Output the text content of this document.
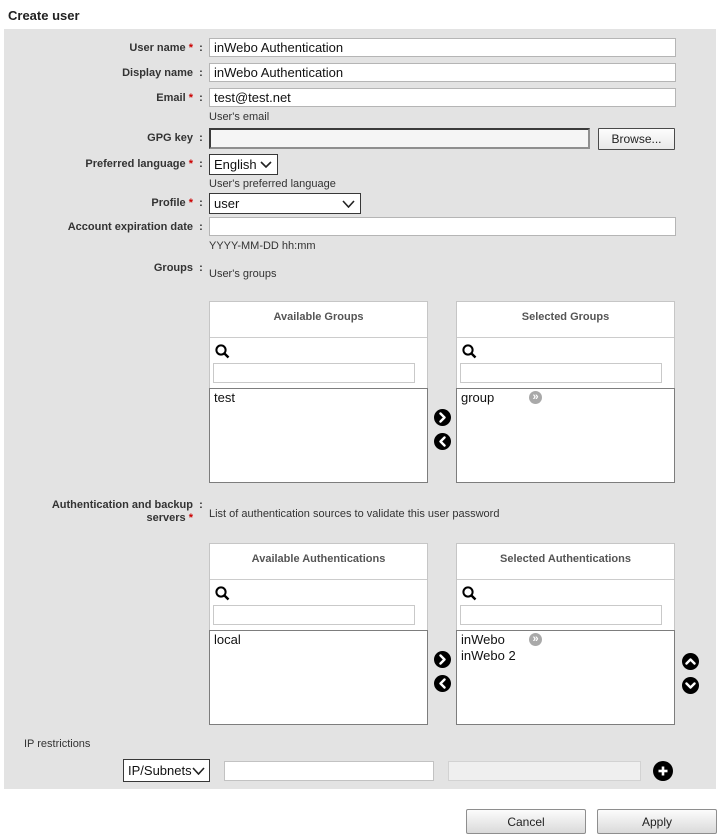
Create user
User name * :
inWebo Authentication
Display name :
inWebo Authentication
Email * :
test@test.net
User's email
GPG key :	Browse...
Preferred language * : English
User's preferred language
Profile * : user
Account expiration date :
YYYY-MM-DD hh:mm
Groups : User's groups
Available Groups
test
Selected Groups
group	»
Authentication and backup
servers *
:
List of authentication sources to validate this user password
Available Authentications
local
Selected Authentications
inWebo	»
inWebo 2
IP restrictions
IP/Subnets
Cancel	Apply
